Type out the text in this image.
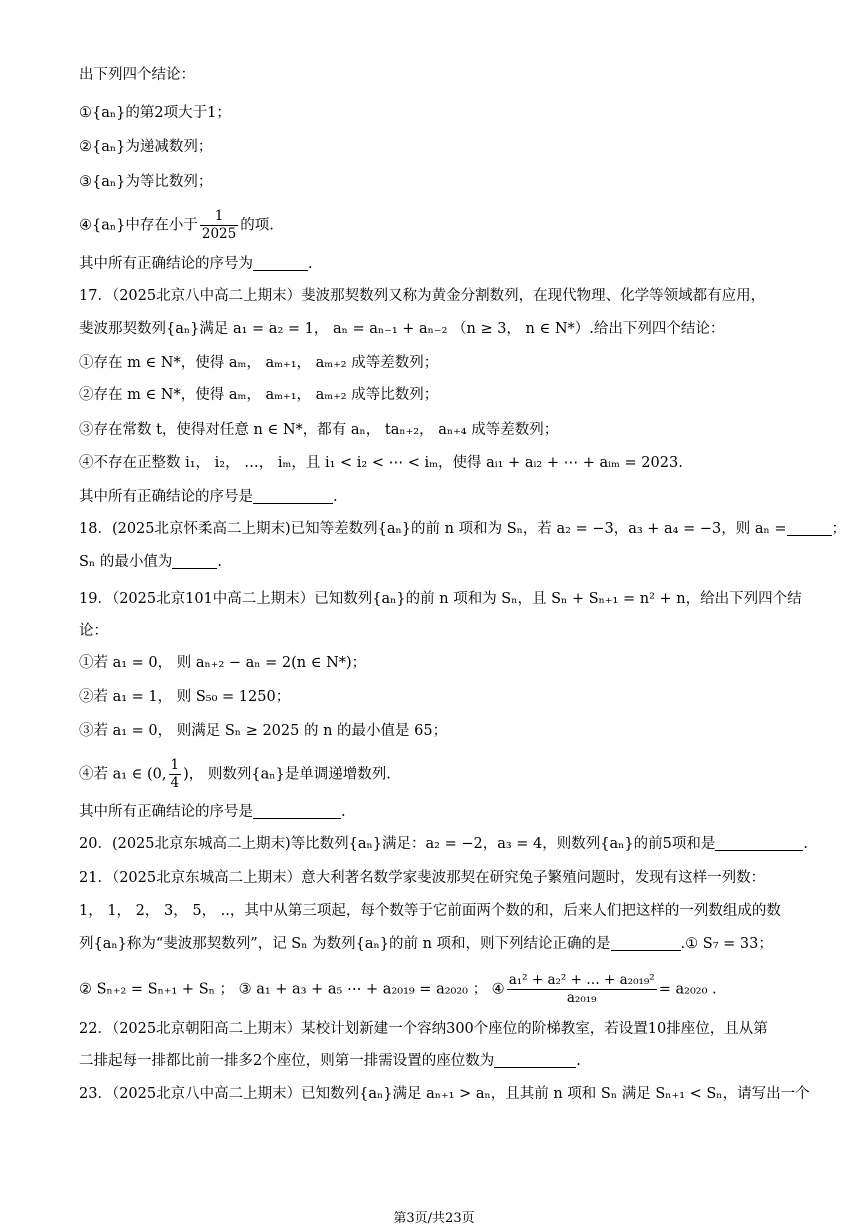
出下列四个结论：
①{aₙ}的第2项大于1；
②{aₙ}为递减数列；
③{aₙ}为等比数列；
④{aₙ}中存在小于 $\frac{1}{2025}$ 的项.
其中所有正确结论的序号为	.
17．（2025北京八中高二上期末）斐波那契数列又称为黄金分割数列，在现代物理、化学等领域都有应用，
斐波那契数列{aₙ}满足 a₁ = a₂ = 1， aₙ = aₙ₋₁ + aₙ₋₂ （n ≥ 3， n ∈ N*）.给出下列四个结论：
①存在 m ∈ N*，使得 aₘ， aₘ₊₁， aₘ₊₂ 成等差数列；
②存在 m ∈ N*，使得 aₘ， aₘ₊₁， aₘ₊₂ 成等比数列；
③存在常数 t，使得对任意 n ∈ N*，都有 aₙ， taₙ₊₂， aₙ₊₄ 成等差数列；
④不存在正整数 i₁， i₂， …， iₘ，且 i₁ < i₂ < ⋯ < iₘ，使得 aᵢ₁ + aᵢ₂ + ⋯ + aᵢₘ = 2023.
其中所有正确结论的序号是	.
18．(2025北京怀柔高二上期末)已知等差数列{aₙ}的前 n 项和为 Sₙ，若 a₂ = −3，a₃ + a₄ = −3，则 aₙ =	；
Sₙ 的最小值为	.
19．（2025北京101中高二上期末）已知数列{aₙ}的前 n 项和为 Sₙ，且 Sₙ + Sₙ₊₁ = n² + n，给出下列四个结
论：
①若 a₁ = 0， 则 aₙ₊₂ − aₙ = 2(n ∈ N*)；
②若 a₁ = 1， 则 S₅₀ = 1250；
③若 a₁ = 0， 则满足 Sₙ ≥ 2025 的 n 的最小值是 65；
④若 a₁ ∈ (0, $\frac{1}{4}$ )， 则数列{aₙ}是单调递增数列.
其中所有正确结论的序号是	.
20．(2025北京东城高二上期末)等比数列{aₙ}满足：a₂ = −2，a₃ = 4，则数列{aₙ}的前5项和是	.
21．（2025北京东城高二上期末）意大利著名数学家斐波那契在研究兔子繁殖问题时，发现有这样一列数：
1， 1， 2， 3， 5， ..，其中从第三项起，每个数等于它前面两个数的和，后来人们把这样的一列数组成的数
列{aₙ}称为“斐波那契数列”，记 Sₙ 为数列{aₙ}的前 n 项和，则下列结论正确的是	.① S₇ = 33；
② Sₙ₊₂ = Sₙ₊₁ + Sₙ ； ③ a₁ + a₃ + a₅ ⋯ + a₂₀₁₉ = a₂₀₂₀ ； ④ $\frac{\text{a₁² + a₂² + … + a₂₀₁₉²}}{\text{a₂₀₁₉}} = a_{2020}$ .
22．（2025北京朝阳高二上期末）某校计划新建一个容纳300个座位的阶梯教室，若设置10排座位，且从第
二排起每一排都比前一排多2个座位，则第一排需设置的座位数为	.
23．（2025北京八中高二上期末）已知数列{aₙ}满足 aₙ₊₁ > aₙ，且其前 n 项和 Sₙ 满足 Sₙ₊₁ < Sₙ，请写出一个
第3页/共23页
